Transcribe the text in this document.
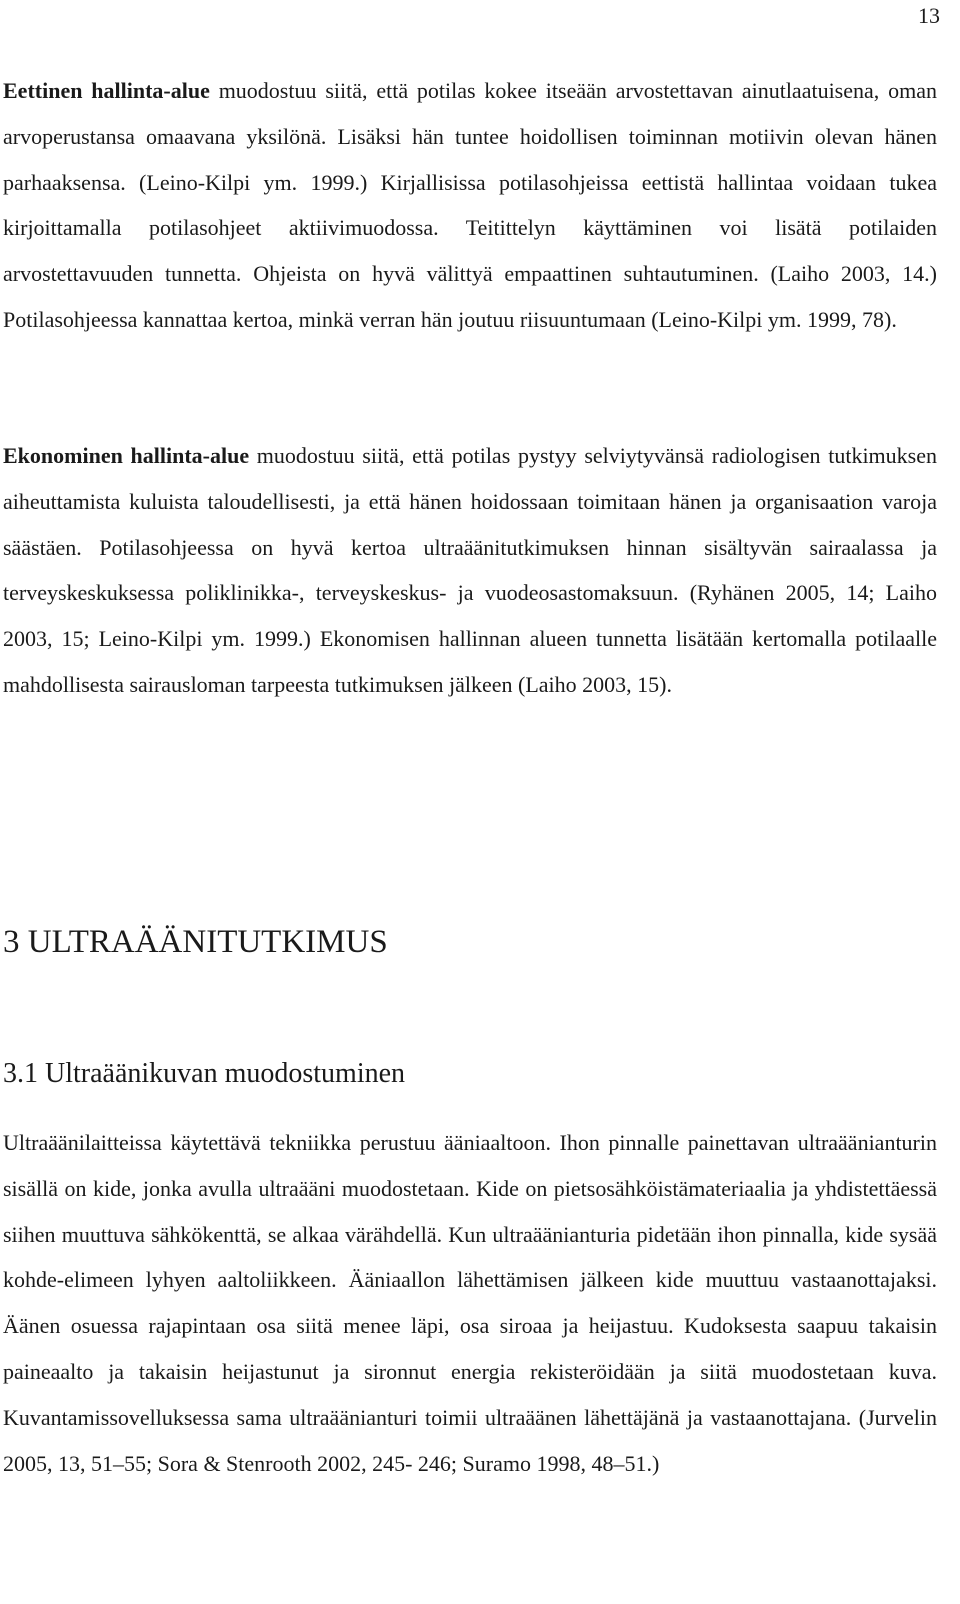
13

Eettinen hallinta-alue muodostuu siitä, että potilas kokee itseään arvostettavan ainutlaatuisena, oman arvoperustansa omaavana yksilönä. Lisäksi hän tuntee hoidollisen toiminnan motiivin olevan hänen parhaaksensa. (Leino-Kilpi ym. 1999.) Kirjallisissa potilasohjeissa eettistä hallintaa voidaan tukea kirjoittamalla potilasohjeet aktiivimuodossa. Teitittelyn käyttäminen voi lisätä potilaiden arvostettavuuden tunnetta. Ohjeista on hyvä välittyä empaattinen suhtautuminen. (Laiho 2003, 14.) Potilasohjeessa kannattaa kertoa, minkä verran hän joutuu riisuuntumaan (Leino-Kilpi ym. 1999, 78).

Ekonominen hallinta-alue muodostuu siitä, että potilas pystyy selviytyvänsä radiologisen tutkimuksen aiheuttamista kuluista taloudellisesti, ja että hänen hoidossaan toimitaan hänen ja organisaation varoja säästäen. Potilasohjeessa on hyvä kertoa ultraäänitutkimuksen hinnan sisältyvän sairaalassa ja terveyskeskuksessa poliklinikka-, terveyskeskus- ja vuodeosastomaksuun. (Ryhänen 2005, 14; Laiho 2003, 15; Leino-Kilpi ym. 1999.) Ekonomisen hallinnan alueen tunnetta lisätään kertomalla potilaalle mahdollisesta sairausloman tarpeesta tutkimuksen jälkeen (Laiho 2003, 15).

3 ULTRAÄÄNITUTKIMUS
3.1 Ultraäänikuvan muodostuminen

Ultraäänilaitteissa käytettävä tekniikka perustuu ääniaaltoon. Ihon pinnalle painettavan ultraäänianturin sisällä on kide, jonka avulla ultraääni muodostetaan. Kide on pietsosähköistämateriaalia ja yhdistettäessä siihen muuttuva sähkökenttä, se alkaa värähdellä. Kun ultraäänianturia pidetään ihon pinnalla, kide sysää kohde-elimeen lyhyen aaltoliikkeen. Ääniaallon lähettämisen jälkeen kide muuttuu vastaanottajaksi. Äänen osuessa rajapintaan osa siitä menee läpi, osa siroaa ja heijastuu. Kudoksesta saapuu takaisin paineaalto ja takaisin heijastunut ja sironnut energia rekisteröidään ja siitä muodostetaan kuva. Kuvantamissovelluksessa sama ultraäänianturi toimii ultraäänen lähettäjänä ja vastaanottajana. (Jurvelin 2005, 13, 51–55; Sora & Stenrooth 2002, 245- 246; Suramo 1998, 48–51.)
